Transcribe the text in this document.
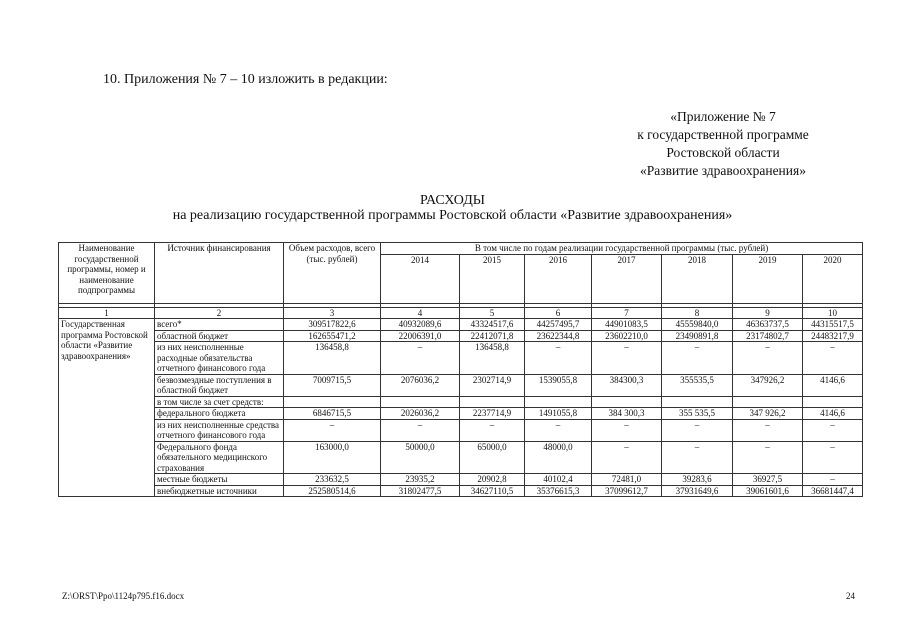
10. Приложения № 7 – 10 изложить в редакции:
«Приложение № 7
к государственной программе
Ростовской области
«Развитие здравоохранения»
РАСХОДЫ
на реализацию государственной программы Ростовской области «Развитие здравоохранения»
Наименование государственной программы, номер и наименование подпрограммы	Источник финансирования	Объем расходов, всего (тыс. рублей)	В том числе по годам реализации государственной программы (тыс. рублей)						
			2014	2015	2016	2017	2018	2019	2020

1	2	3	4	5	6	7	8	9	10
Государственная программа Ростовской области «Развитие здравоохранения»	всего*	309517822,6	40932089,6	43324517,6	44257495,7	44901083,5	45559840,0	46363737,5	44315517,5
	областной бюджет	162655471,2	22006391,0	22412071,8	23622344,8	23602210,0	23490891,8	23174802,7	24483217,9
	из них неисполненные расходные обязательства отчетного финансового года	136458,8	–	136458,8	–	–	–	–	–
	безвозмездные поступления в областной бюджет	7009715,5	2076036,2	2302714,9	1539055,8	384300,3	355535,5	347926,2	4146,6
	в том числе за счет средств:								
	федерального бюджета	6846715,5	2026036,2	2237714,9	1491055,8	384 300,3	355 535,5	347 926,2	4146,6
	из них неисполненные средства отчетного финансового года	–	–	–	–	–	–	–	–
	Федерального фонда обязательного медицинского страхования	163000,0	50000,0	65000,0	48000,0	–	–	–	–
	местные бюджеты	233632,5	23935,2	20902,8	40102,4	72481,0	39283,6	36927,5	–
	внебюджетные источники	252580514,6	31802477,5	34627110,5	35376615,3	37099612,7	37931649,6	39061601,6	36681447,4
Z:\ORST\Ppo\1124p795.f16.docx	24
